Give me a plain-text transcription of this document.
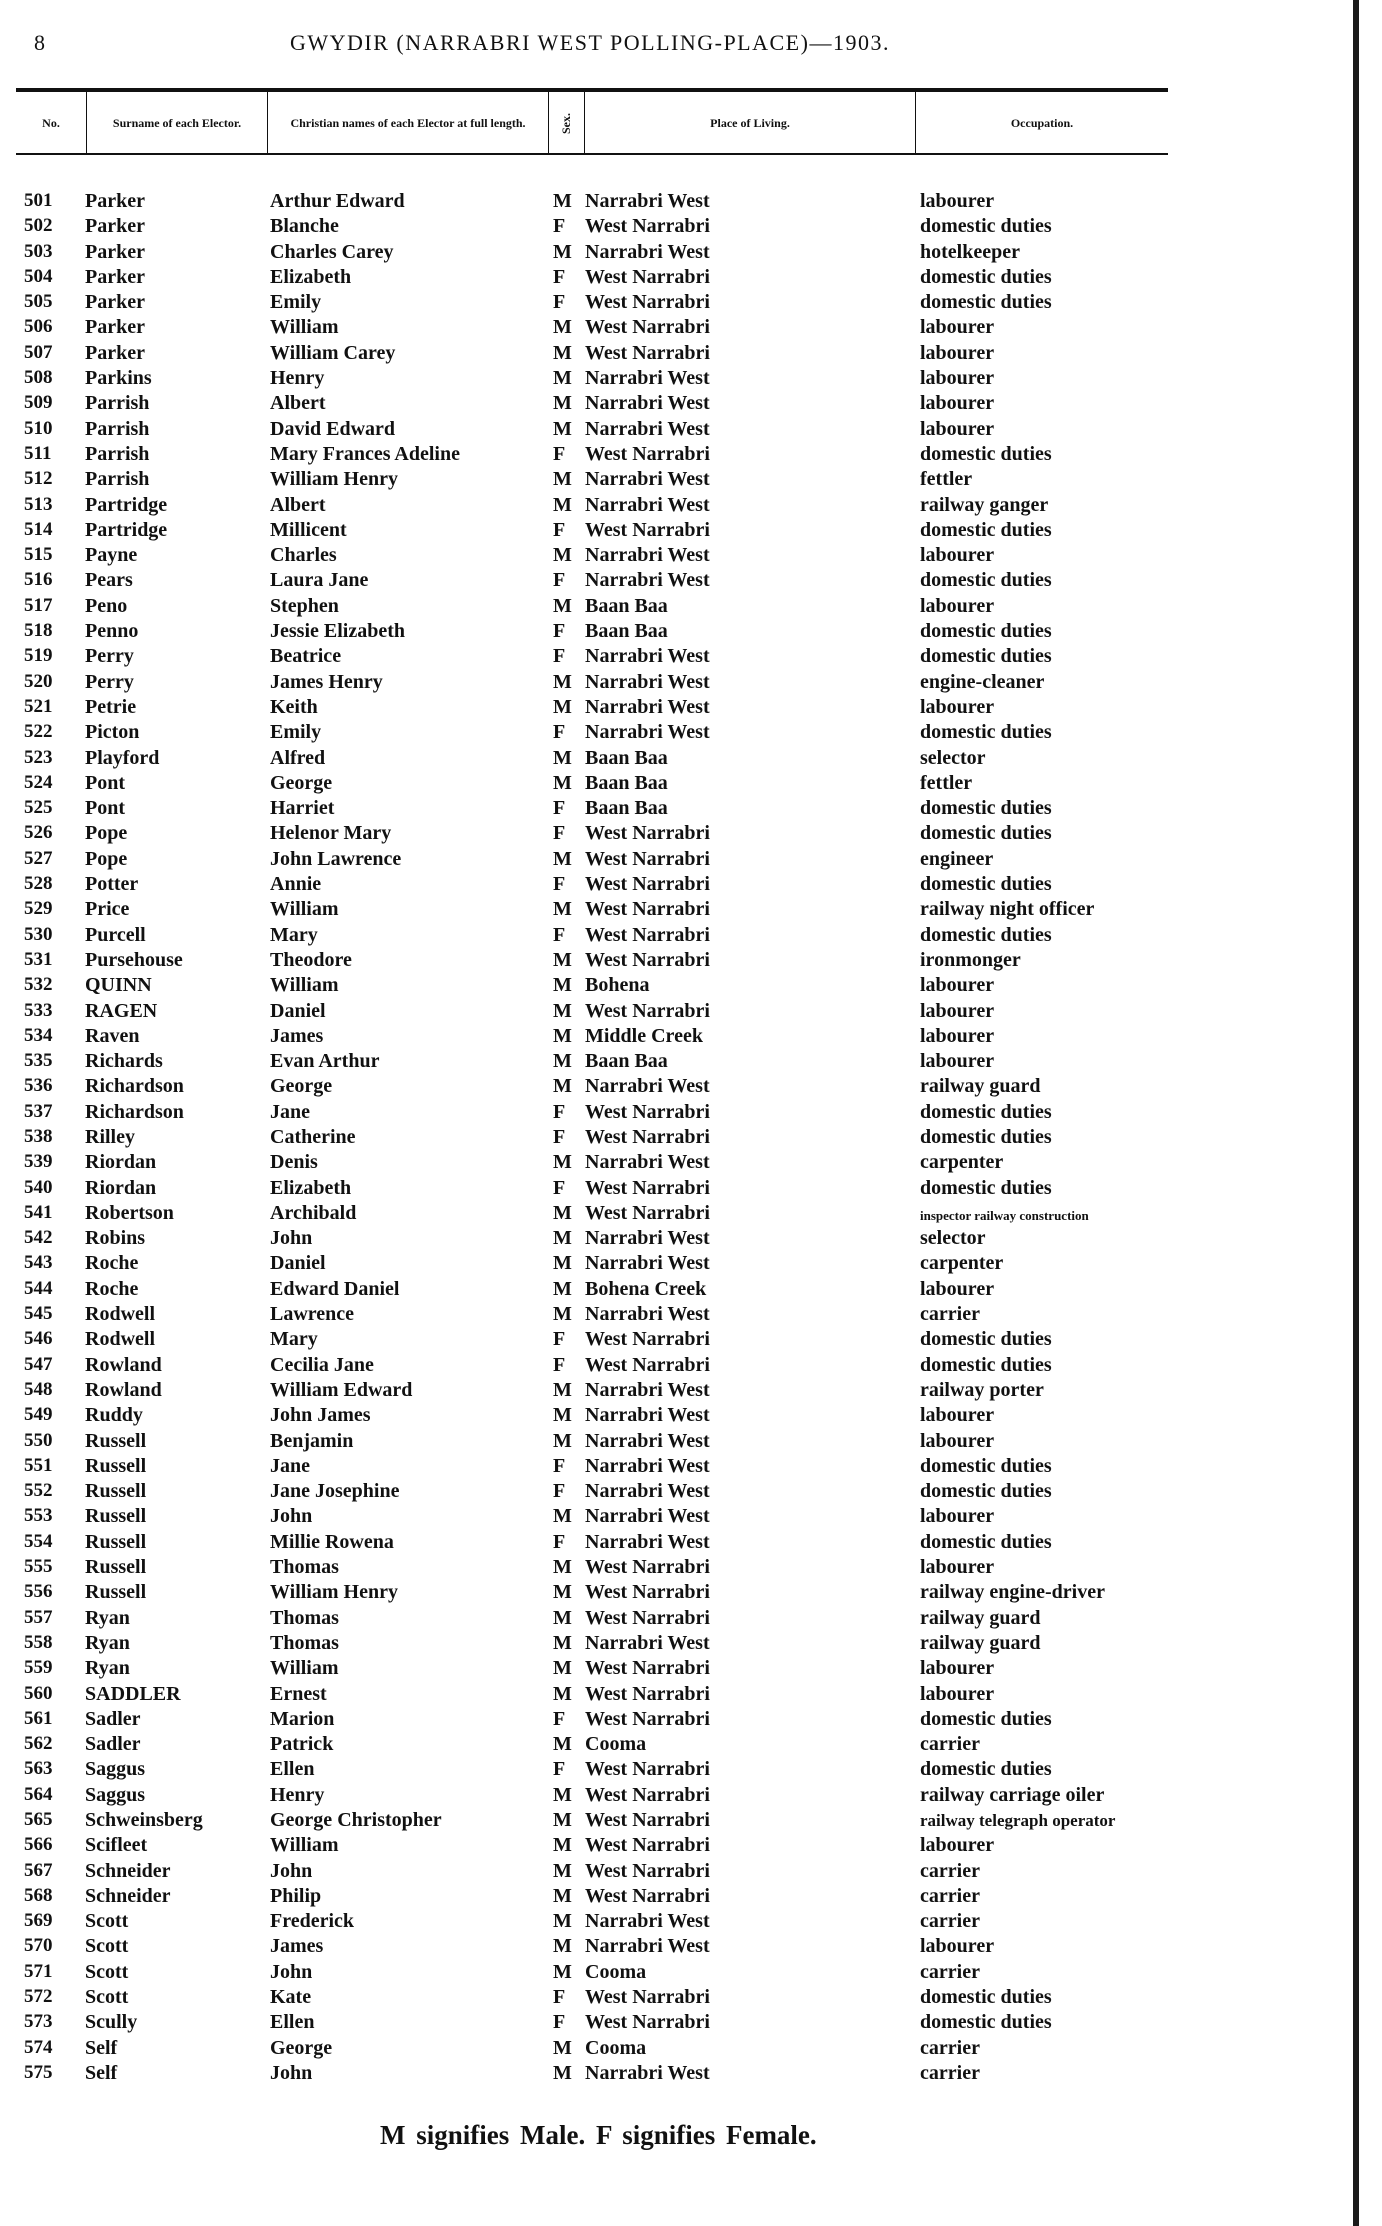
8	GWYDIR (NARRABRI WEST POLLING-PLACE)—1903.
No.	Surname of each Elector.	Christian names of each Elector at full length.	Sex.	Place of Living.	Occupation.
501	Parker	Arthur Edward	M Narrabri West	labourer
502	Parker	Blanche	F West Narrabri	domestic duties
503	Parker	Charles Carey	M Narrabri West	hotelkeeper
504	Parker	Elizabeth	F West Narrabri	domestic duties
505	Parker	Emily	F West Narrabri	domestic duties
506	Parker	William	M West Narrabri	labourer
507	Parker	William Carey	M West Narrabri	labourer
508	Parkins	Henry	M Narrabri West	labourer
509	Parrish	Albert	M Narrabri West	labourer
510	Parrish	David Edward	M Narrabri West	labourer
511	Parrish	Mary Frances Adeline	F West Narrabri	domestic duties
512	Parrish	William Henry	M Narrabri West	fettler
513	Partridge	Albert	M Narrabri West	railway ganger
514	Partridge	Millicent	F West Narrabri	domestic duties
515	Payne	Charles	M Narrabri West	labourer
516	Pears	Laura Jane	F Narrabri West	domestic duties
517	Peno	Stephen	M Baan Baa	labourer
518	Penno	Jessie Elizabeth	F Baan Baa	domestic duties
519	Perry	Beatrice	F Narrabri West	domestic duties
520	Perry	James Henry	M Narrabri West	engine-cleaner
521	Petrie	Keith	M Narrabri West	labourer
522	Picton	Emily	F Narrabri West	domestic duties
523	Playford	Alfred	M Baan Baa	selector
524	Pont	George	M Baan Baa	fettler
525	Pont	Harriet	F Baan Baa	domestic duties
526	Pope	Helenor Mary	F West Narrabri	domestic duties
527	Pope	John Lawrence	M West Narrabri	engineer
528	Potter	Annie	F West Narrabri	domestic duties
529	Price	William	M West Narrabri	railway night officer
530	Purcell	Mary	F West Narrabri	domestic duties
531	Pursehouse	Theodore	M West Narrabri	ironmonger
532	QUINN	William	M Bohena	labourer
533	RAGEN	Daniel	M West Narrabri	labourer
534	Raven	James	M Middle Creek	labourer
535	Richards	Evan Arthur	M Baan Baa	labourer
536	Richardson	George	M Narrabri West	railway guard
537	Richardson	Jane	F West Narrabri	domestic duties
538	Rilley	Catherine	F West Narrabri	domestic duties
539	Riordan	Denis	M Narrabri West	carpenter
540	Riordan	Elizabeth	F West Narrabri	domestic duties
541	Robertson	Archibald	M West Narrabri	inspector railway construction
542	Robins	John	M Narrabri West	selector
543	Roche	Daniel	M Narrabri West	carpenter
544	Roche	Edward Daniel	M Bohena Creek	labourer
545	Rodwell	Lawrence	M Narrabri West	carrier
546	Rodwell	Mary	F West Narrabri	domestic duties
547	Rowland	Cecilia Jane	F West Narrabri	domestic duties
548	Rowland	William Edward	M Narrabri West	railway porter
549	Ruddy	John James	M Narrabri West	labourer
550	Russell	Benjamin	M Narrabri West	labourer
551	Russell	Jane	F Narrabri West	domestic duties
552	Russell	Jane Josephine	F Narrabri West	domestic duties
553	Russell	John	M Narrabri West	labourer
554	Russell	Millie Rowena	F Narrabri West	domestic duties
555	Russell	Thomas	M West Narrabri	labourer
556	Russell	William Henry	M West Narrabri	railway engine-driver
557	Ryan	Thomas	M West Narrabri	railway guard
558	Ryan	Thomas	M Narrabri West	railway guard
559	Ryan	William	M West Narrabri	labourer
560	SADDLER	Ernest	M West Narrabri	labourer
561	Sadler	Marion	F West Narrabri	domestic duties
562	Sadler	Patrick	M Cooma	carrier
563	Saggus	Ellen	F West Narrabri	domestic duties
564	Saggus	Henry	M West Narrabri	railway carriage oiler
565	Schweinsberg	George Christopher	M West Narrabri	railway telegraph operator
566	Scifleet	William	M West Narrabri	labourer
567	Schneider	John	M West Narrabri	carrier
568	Schneider	Philip	M West Narrabri	carrier
569	Scott	Frederick	M Narrabri West	carrier
570	Scott	James	M Narrabri West	labourer
571	Scott	John	M Cooma	carrier
572	Scott	Kate	F West Narrabri	domestic duties
573	Scully	Ellen	F West Narrabri	domestic duties
574	Self	George	M Cooma	carrier
575	Self	John	M Narrabri West	carrier
M signifies Male. F signifies Female.
